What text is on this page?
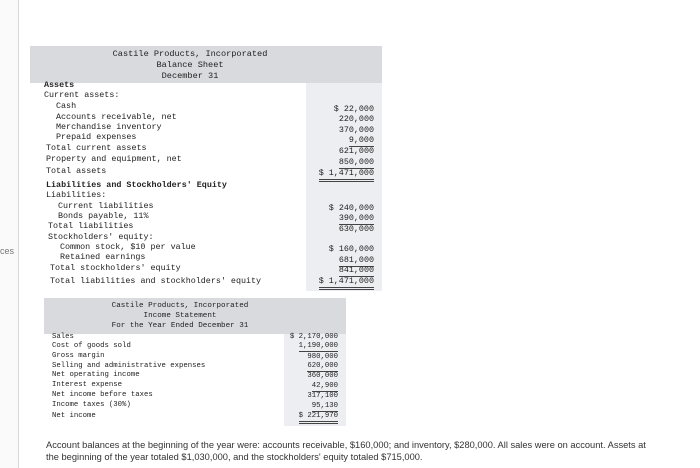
ces
Castile Products, Incorporated
Balance Sheet
December 31
Assets
Current assets:
Cash	$ 22,000
Accounts receivable, net	220,000
Merchandise inventory	370,000
Prepaid expenses	9,000
Total current assets	621,000
Property and equipment, net	850,000
Total assets	$ 1,471,000
Liabilities and Stockholders' Equity
Liabilities:
Current liabilities	$ 240,000
Bonds payable, 11%	390,000
Total liabilities	630,000
Stockholders' equity:
Common stock, $10 per value	$ 160,000
Retained earnings	681,000
Total stockholders' equity	841,000
Total liabilities and stockholders' equity	$ 1,471,000
Castile Products, Incorporated
Income Statement
For the Year Ended December 31
Sales	$ 2,170,000
Cost of goods sold	1,190,000
Gross margin	980,000
Selling and administrative expenses	620,000
Net operating income	360,000
Interest expense	42,900
Net income before taxes	317,100
Income taxes (30%)	95,130
Net income	$ 221,970
Account balances at the beginning of the year were: accounts receivable, $160,000; and inventory, $280,000. All sales were on account. Assets at the beginning of the year totaled $1,030,000, and the stockholders' equity totaled $715,000.
